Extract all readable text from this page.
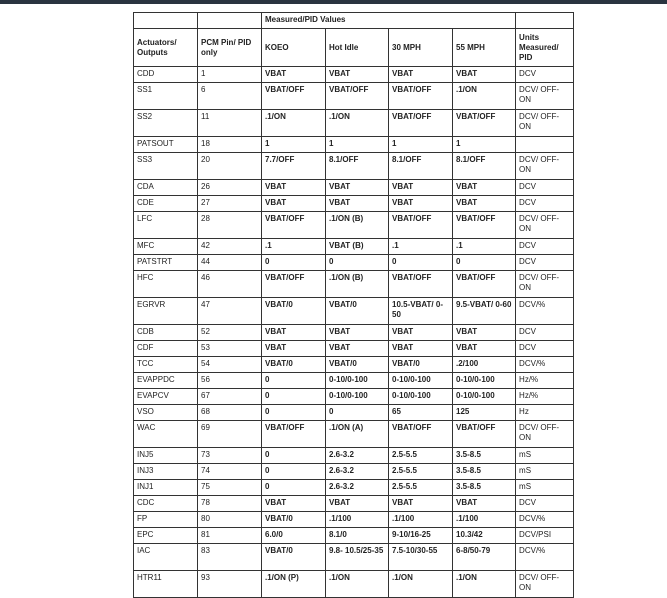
		Measured/PID Values				
Actuators/ Outputs	PCM Pin/ PID only	KOEO	Hot Idle	30 MPH	55 MPH	Units Measured/ PID
CDD	1	VBAT	VBAT	VBAT	VBAT	DCV
SS1	6	VBAT/OFF	VBAT/OFF	VBAT/OFF	.1/ON	DCV/ OFF-ON
SS2	11	.1/ON	.1/ON	VBAT/OFF	VBAT/OFF	DCV/ OFF-ON
PATSOUT	18	1	1	1	1	
SS3	20	7.7/OFF	8.1/OFF	8.1/OFF	8.1/OFF	DCV/ OFF-ON
CDA	26	VBAT	VBAT	VBAT	VBAT	DCV
CDE	27	VBAT	VBAT	VBAT	VBAT	DCV
LFC	28	VBAT/OFF	.1/ON (B)	VBAT/OFF	VBAT/OFF	DCV/ OFF-ON
MFC	42	.1	VBAT (B)	.1	.1	DCV
PATSTRT	44	0	0	0	0	DCV
HFC	46	VBAT/OFF	.1/ON (B)	VBAT/OFF	VBAT/OFF	DCV/ OFF-ON
EGRVR	47	VBAT/0	VBAT/0	10.5-VBAT/ 0-50	9.5-VBAT/ 0-60	DCV/%
CDB	52	VBAT	VBAT	VBAT	VBAT	DCV
CDF	53	VBAT	VBAT	VBAT	VBAT	DCV
TCC	54	VBAT/0	VBAT/0	VBAT/0	.2/100	DCV/%
EVAPPDC	56	0	0-10/0-100	0-10/0-100	0-10/0-100	Hz/%
EVAPCV	67	0	0-10/0-100	0-10/0-100	0-10/0-100	Hz/%
VSO	68	0	0	65	125	Hz
WAC	69	VBAT/OFF	.1/ON (A)	VBAT/OFF	VBAT/OFF	DCV/ OFF-ON
INJ5	73	0	2.6-3.2	2.5-5.5	3.5-8.5	mS
INJ3	74	0	2.6-3.2	2.5-5.5	3.5-8.5	mS
INJ1	75	0	2.6-3.2	2.5-5.5	3.5-8.5	mS
CDC	78	VBAT	VBAT	VBAT	VBAT	DCV
FP	80	VBAT/0	.1/100	.1/100	.1/100	DCV/%
EPC	81	6.0/0	8.1/0	9-10/16-25	10.3/42	DCV/PSI
IAC	83	VBAT/0	9.8- 10.5/25-35	7.5-10/30-55	6-8/50-79	DCV/%
HTR11	93	.1/ON (P)	.1/ON	.1/ON	.1/ON	DCV/ OFF-ON
